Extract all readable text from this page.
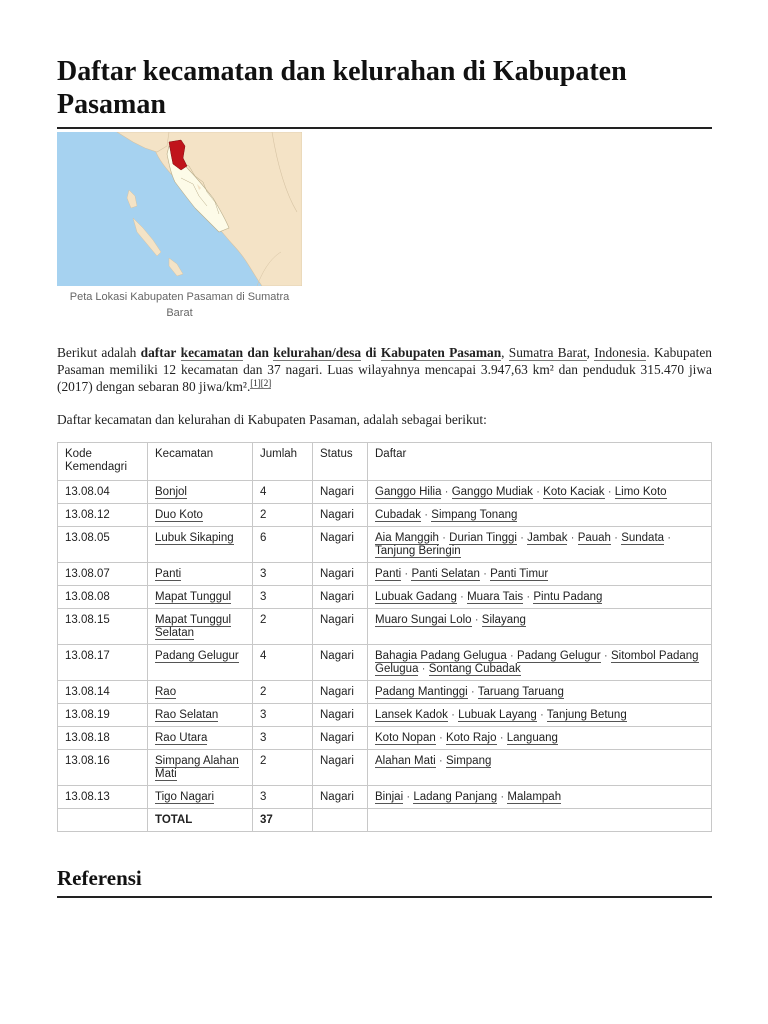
Daftar kecamatan dan kelurahan di Kabupaten Pasaman
Peta Lokasi Kabupaten Pasaman di Sumatra Barat

Berikut adalah daftar kecamatan dan kelurahan/desa di Kabupaten Pasaman, Sumatra Barat, Indonesia. Kabupaten Pasaman memiliki 12 kecamatan dan 37 nagari. Luas wilayahnya mencapai 3.947,63 km² dan penduduk 315.470 jiwa (2017) dengan sebaran 80 jiwa/km².[1][2]

Daftar kecamatan dan kelurahan di Kabupaten Pasaman, adalah sebagai berikut:

Kode Kemendagri	Kecamatan	Jumlah	Status	Daftar
13.08.04	Bonjol	4	Nagari	Ganggo Hilia · Ganggo Mudiak · Koto Kaciak · Limo Koto
13.08.12	Duo Koto	2	Nagari	Cubadak · Simpang Tonang
13.08.05	Lubuk Sikaping	6	Nagari	Aia Manggih · Durian Tinggi · Jambak · Pauah · Sundata · Tanjung Beringin
13.08.07	Panti	3	Nagari	Panti · Panti Selatan · Panti Timur
13.08.08	Mapat Tunggul	3	Nagari	Lubuak Gadang · Muara Tais · Pintu Padang
13.08.15	Mapat Tunggul Selatan	2	Nagari	Muaro Sungai Lolo · Silayang
13.08.17	Padang Gelugur	4	Nagari	Bahagia Padang Gelugua · Padang Gelugur · Sitombol Padang Gelugua · Sontang Cubadak
13.08.14	Rao	2	Nagari	Padang Mantinggi · Taruang Taruang
13.08.19	Rao Selatan	3	Nagari	Lansek Kadok · Lubuak Layang · Tanjung Betung
13.08.18	Rao Utara	3	Nagari	Koto Nopan · Koto Rajo · Languang
13.08.16	Simpang Alahan Mati	2	Nagari	Alahan Mati · Simpang
13.08.13	Tigo Nagari	3	Nagari	Binjai · Ladang Panjang · Malampah
	TOTAL	37		
Referensi
